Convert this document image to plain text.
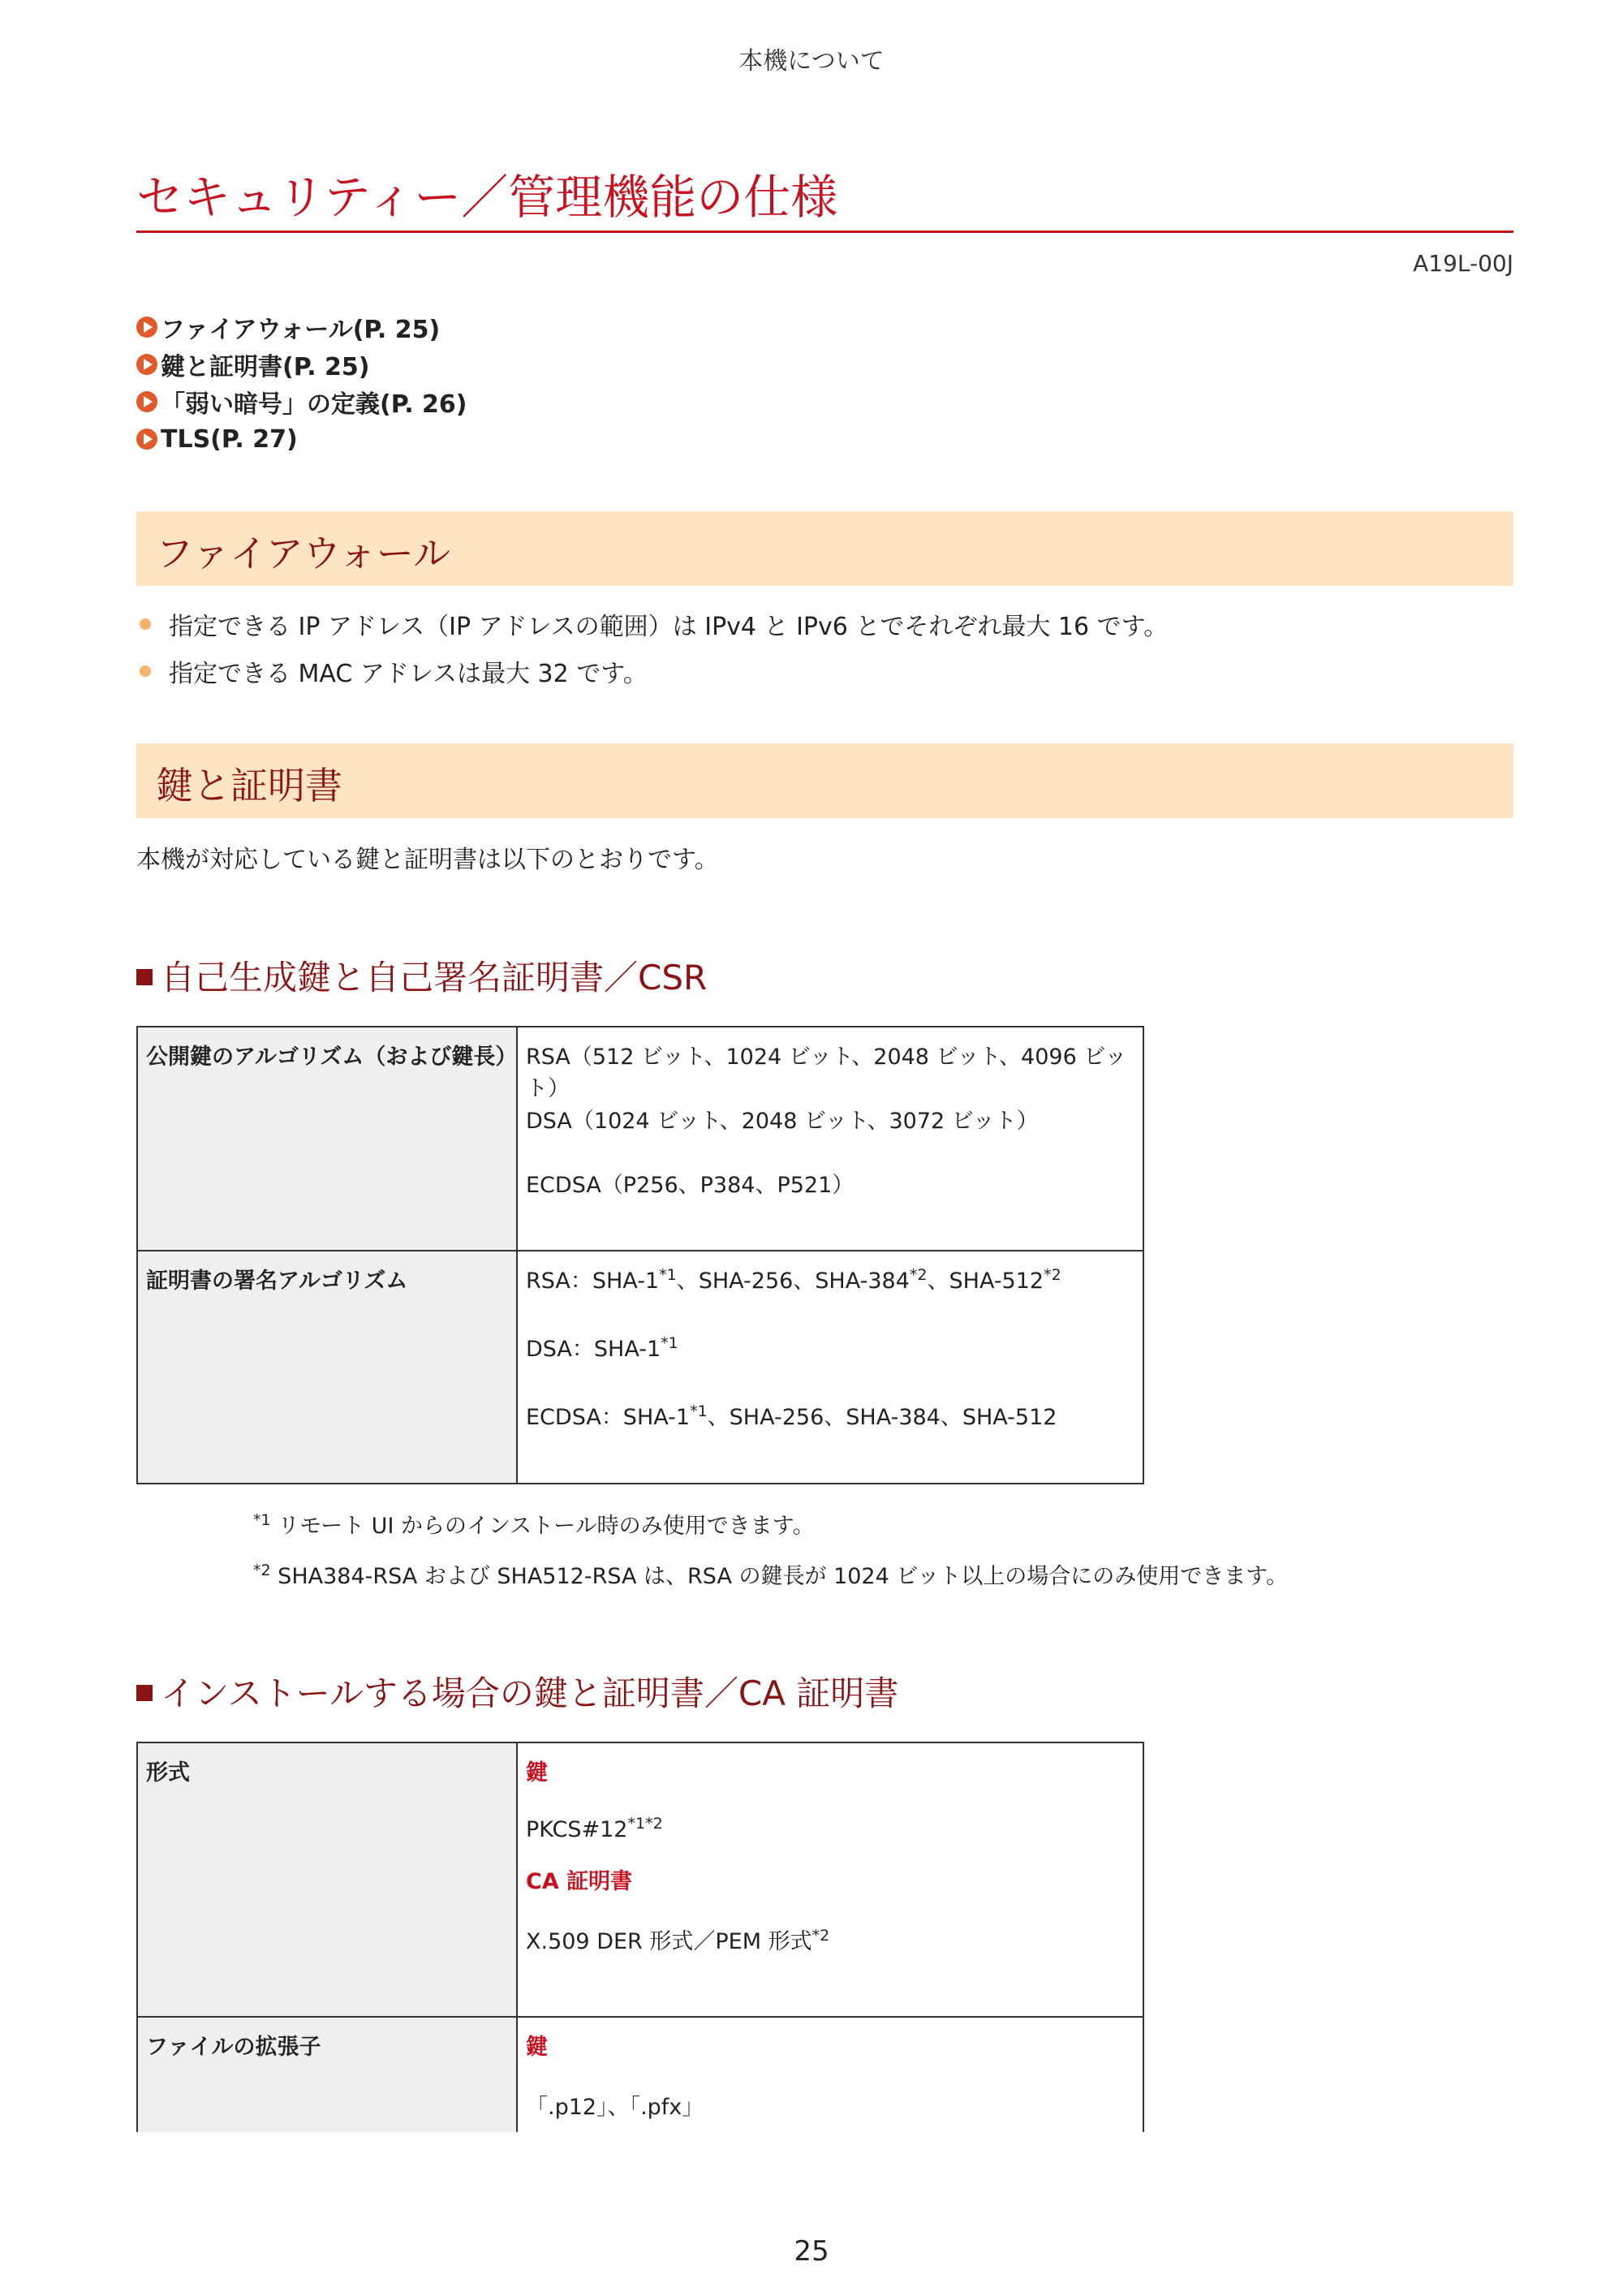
本機について
セキュリティー／管理機能の仕様
A19L-00J
ファイアウォール(P. 25)
鍵と証明書(P. 25)
「弱い暗号」の定義(P. 26)
TLS(P. 27)
ファイアウォール
指定できる IP アドレス（IP アドレスの範囲）は IPv4 と IPv6 とでそれぞれ最大 16 です。
指定できる MAC アドレスは最大 32 です。
鍵と証明書
本機が対応している鍵と証明書は以下のとおりです。
自己生成鍵と自己署名証明書／CSR
公開鍵のアルゴリズム（および鍵長）	RSA（512 ビット、1024 ビット、2048 ビット、4096 ビット）
DSA（1024 ビット、2048 ビット、3072 ビット）
ECDSA（P256、P384、P521）

証明書の署名アルゴリズム	RSA：SHA-1$^{*1}$、SHA-256、SHA-384$^{*2}$、SHA-512$^{*2}$
DSA：SHA-1$^{*1}$
ECDSA：SHA-1$^{*1}$、SHA-256、SHA-384、SHA-512
$^{*1}$ リモート UI からのインストール時のみ使用できます。
$^{*2}$ SHA384-RSA および SHA512-RSA は、RSA の鍵長が 1024 ビット以上の場合にのみ使用できます。
インストールする場合の鍵と証明書／CA 証明書
形式	鍵
$PKCS\#12^{*1*2}$
CA 証明書
X.509 DER 形式／PEM 形式$^{*2}$

ファイルの拡張子	鍵
「.p12」、「.pfx」
25
